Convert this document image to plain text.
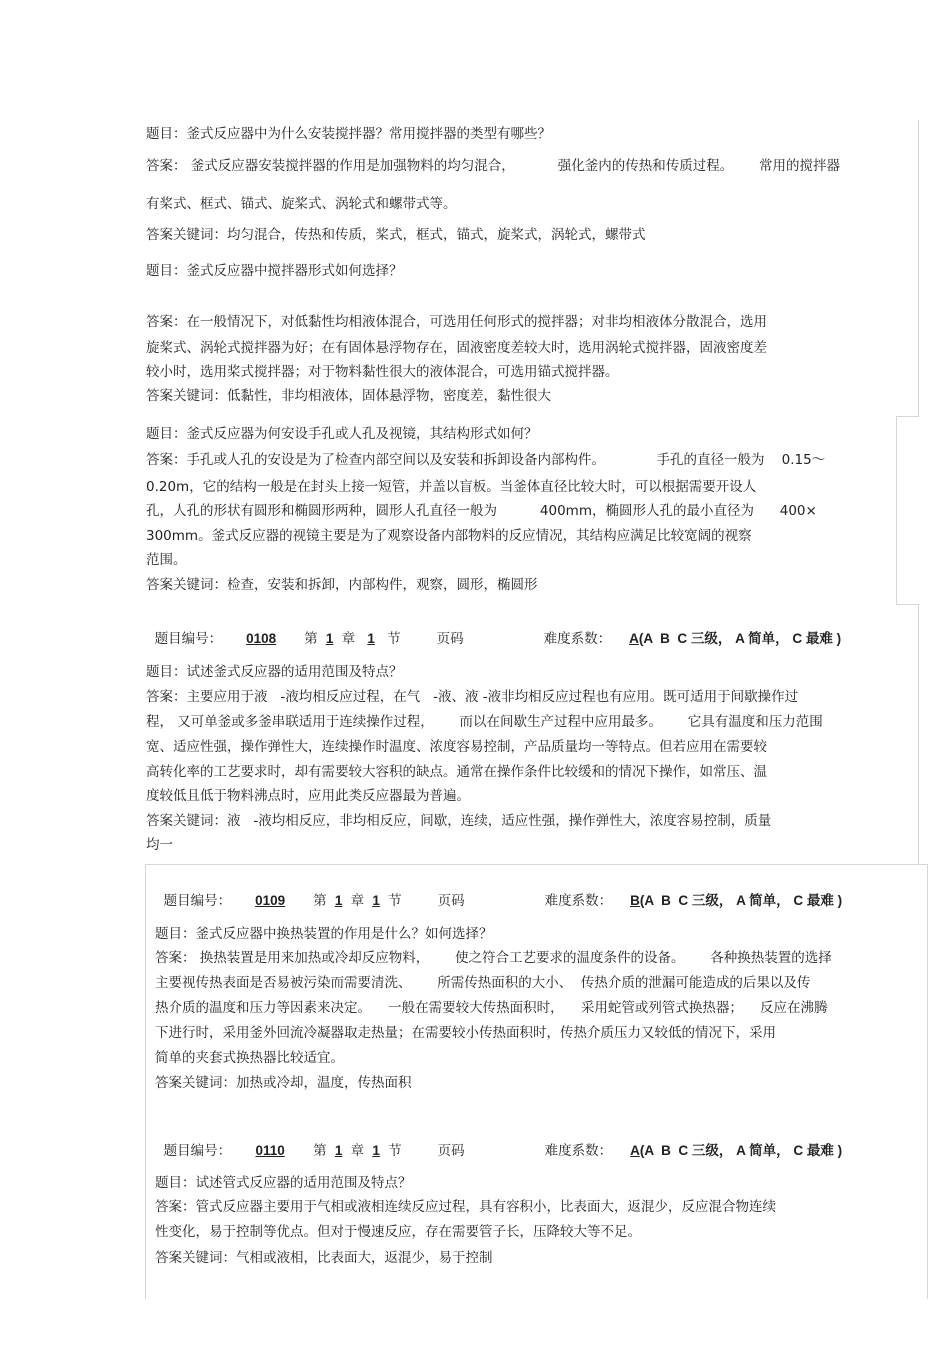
题目：釜式反应器中为什么安装搅拌器？常用搅拌器的类型有哪些？
答案： 釜式反应器安装搅拌器的作用是加强物料的均匀混合，          强化釜内的传热和传质过程。      常用的搅拌器
有桨式、框式、锚式、旋桨式、涡轮式和螺带式等。
答案关键词：均匀混合，传热和传质，桨式，框式，锚式，旋桨式，涡轮式，螺带式
题目：釜式反应器中搅拌器形式如何选择？
答案：在一般情况下，对低黏性均相液体混合，可选用任何形式的搅拌器；对非均相液体分散混合，选用
旋桨式、涡轮式搅拌器为好；在有固体悬浮物存在，固液密度差较大时，选用涡轮式搅拌器，固液密度差
较小时，选用桨式搅拌器；对于物料黏性很大的液体混合，可选用锚式搅拌器。
答案关键词：低黏性，非均相液体，固体悬浮物，密度差，黏性很大
题目：釜式反应器为何安设手孔或人孔及视镜，其结构形式如何？
答案：手孔或人孔的安设是为了检查内部空间以及安装和拆卸设备内部构件。            手孔的直径一般为    0.15～
0.20m，它的结构一般是在封头上接一短管，并盖以盲板。当釜体直径比较大时，可以根据需要开设人
孔，人孔的形状有圆形和椭圆形两种，圆形人孔直径一般为          400mm，椭圆形人孔的最小直径为      400×
300mm。釜式反应器的视镜主要是为了观察设备内部物料的反应情况，其结构应满足比较宽阔的视察
范围。
答案关键词：检查，安装和拆卸，内部构件，观察，圆形，椭圆形

题目编号： 0108 第 1 章 1 节	页码	难度系数： A(A  B  C 三级， A 简单， C 最难 )

题目：试述釜式反应器的适用范围及特点？
答案：主要应用于液   -液均相反应过程，在气   -液、液 -液非均相反应过程也有应用。既可适用于间歇操作过
程， 又可单釜或多釜串联适用于连续操作过程，      而以在间歇生产过程中应用最多。      它具有温度和压力范围
宽、适应性强，操作弹性大，连续操作时温度、浓度容易控制，产品质量均一等特点。但若应用在需要较
高转化率的工艺要求时，却有需要较大容积的缺点。通常在操作条件比较缓和的情况下操作，如常压、温
度较低且低于物料沸点时，应用此类反应器最为普遍。
答案关键词：液   -液均相反应，非均相反应，间歇，连续，适应性强，操作弹性大，浓度容易控制，质量
均一

题目编号： 0109 第 1 章 1 节	页码	难度系数： B(A  B  C 三级， A 简单， C 最难 )

题目：釜式反应器中换热装置的作用是什么？如何选择？
答案： 换热装置是用来加热或冷却反应物料，      使之符合工艺要求的温度条件的设备。      各种换热装置的选择
主要视传热表面是否易被污染而需要清洗、      所需传热面积的大小、  传热介质的泄漏可能造成的后果以及传
热介质的温度和压力等因素来决定。    一般在需要较大传热面积时，    采用蛇管或列管式换热器；    反应在沸腾
下进行时，采用釜外回流冷凝器取走热量；在需要较小传热面积时，传热介质压力又较低的情况下，采用
简单的夹套式换热器比较适宜。
答案关键词：加热或冷却，温度，传热面积

题目编号： 0110 第 1 章 1 节	页码	难度系数： A(A  B  C 三级， A 简单， C 最难 )

题目：试述管式反应器的适用范围及特点？
答案：管式反应器主要用于气相或液相连续反应过程，具有容积小，比表面大，返混少，反应混合物连续
性变化，易于控制等优点。但对于慢速反应，存在需要管子长，压降较大等不足。
答案关键词：气相或液相，比表面大，返混少，易于控制
